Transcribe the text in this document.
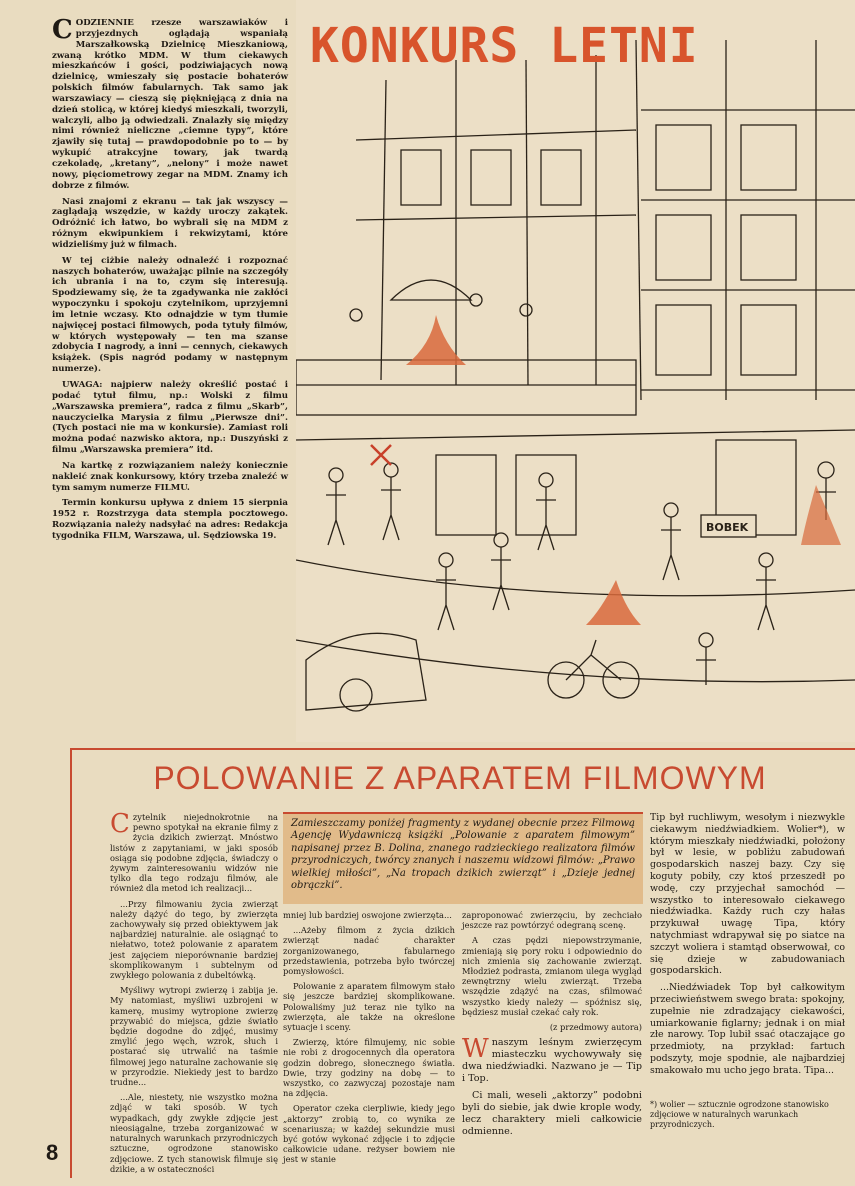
CODZIENNIE rzesze warszawiaków i przyjezdnych oglądają wspaniałą Marszałkowską Dzielnicę Mieszkaniową, zwaną krótko MDM. W tłum ciekawych mieszkańców i gości, podziwiających nową dzielnicę, wmieszały się postacie bohaterów polskich filmów fabularnych. Tak samo jak warszawiacy — cieszą się pięknięjącą z dnia na dzień stolicą, w której kiedyś mieszkali, tworzyli, walczyli, albo ją odwiedzali. Znalazły się między nimi również nieliczne „ciemne typy”, które zjawiły się tutaj — prawdopodobnie po to — by wykupić atrakcyjne towary, jak twardą czekoladę, „kretany”, „nelony” i może nawet nowy, pięciometrowy zegar na MDM. Znamy ich dobrze z filmów.

Nasi znajomi z ekranu — tak jak wszyscy — zaglądają wszędzie, w każdy uroczy zakątek. Odróżnić ich łatwo, bo wybrali się na MDM z różnym ekwipunkiem i rekwizytami, które widzieliśmy już w filmach.

W tej ciżbie należy odnaleźć i rozpoznać naszych bohaterów, uważając pilnie na szczegóły ich ubrania i na to, czym się interesują. Spodziewamy się, że ta zgadywanka nie zakłóci wypoczynku i spokoju czytelnikom, uprzyjemni im letnie wczasy. Kto odnajdzie w tym tłumie najwięcej postaci filmowych, poda tytuły filmów, w których występowały — ten ma szanse zdobycia I nagrody, a inni — cennych, ciekawych książek. (Spis nagród podamy w następnym numerze).

UWAGA: najpierw należy określić postać i podać tytuł filmu, np.: Wolski z filmu „Warszawska premiera”, radca z filmu „Skarb”, nauczycielka Marysia z filmu „Pierwsze dni”. (Tych postaci nie ma w konkursie). Zamiast roli można podać nazwisko aktora, np.: Duszyński z filmu „Warszawska premiera” itd.

Na kartkę z rozwiązaniem należy koniecznie nakleić znak konkursowy, który trzeba znaleźć w tym samym numerze FILMU.

Termin konkursu upływa z dniem 15 sierpnia 1952 r. Rozstrzyga data stempla pocztowego. Rozwiązania należy nadsyłać na adres: Redakcja tygodnika FILM, Warszawa, ul. Sędziowska 19.

BOBEK
KONKURS LETNI
POLOWANIE Z APARATEM FILMOWYM
Zamieszczamy poniżej fragmenty z wydanej obecnie przez Filmową Agencję Wydawniczą książki „Polowanie z aparatem filmowym” napisanej przez B. Dolina, znanego radzieckiego realizatora filmów przyrodniczych, twórcy znanych i naszemu widzowi filmów: „Prawo wielkiej miłości”, „Na tropach dzikich zwierząt” i „Dzieje jednej obrączki”.

Czytelnik niejednokrotnie na pewno spotykał na ekranie filmy z życia dzikich zwierząt. Mnóstwo listów z zapytaniami, w jaki sposób osiąga się podobne zdjęcia, świadczy o żywym zainteresowaniu widzów nie tylko dla tego rodzaju filmów, ale również dla metod ich realizacji...

...Przy filmowaniu życia zwierząt należy dążyć do tego, by zwierzęta zachowywały się przed obiektywem jak najbardziej naturalnie. ale osiągnąć to niełatwo, toteż polowanie z aparatem jest zajęciem nieporównanie bardziej skomplikowanym i subtelnym od zwykłego polowania z dubeltówką.

Myśliwy wytropi zwierzę i zabija je. My natomiast, myśliwi uzbrojeni w kamerę, musimy wytropione zwierzę przywabić do miejsca, gdzie światło będzie dogodne do zdjęć, musimy zmylić jego węch, wzrok, słuch i postarać się utrwalić na taśmie filmowej jego naturalne zachowanie się w przyrodzie. Niekiedy jest to bardzo trudne...

...Ale, niestety, nie wszystko można zdjąć w taki sposób. W tych wypadkach, gdy zwykłe zdjęcie jest nieosiągalne, trzeba zorganizować w naturalnych warunkach przyrodniczych sztuczne, ogrodzone stanowisko zdjęciowe. Z tych stanowisk filmuje się dzikie, a w ostateczności

mniej lub bardziej oswojone zwierzęta...

...Ażeby filmom z życia dzikich zwierząt nadać charakter zorganizowanego, fabularnego przedstawienia, potrzeba było twórczej pomysłowości.

Polowanie z aparatem filmowym stało się jeszcze bardziej skomplikowane. Polowaliśmy już teraz nie tylko na zwierzęta, ale także na określone sytuacje i sceny.

Zwierzę, które filmujemy, nic sobie nie robi z drogocennych dla operatora godzin dobrego, słonecznego światła. Dwie, trzy godziny na dobę — to wszystko, co zazwyczaj pozostaje nam na zdjęcia.

Operator czeka cierpliwie, kiedy jego „aktorzy” zrobią to, co wynika ze scenariusza; w każdej sekundzie musi być gotów wykonać zdjęcie i to zdjęcie całkowicie udane. reżyser bowiem nie jest w stanie

zaproponować zwierzęciu, by zechciało jeszcze raz powtórzyć odegraną scenę.

A czas pędzi niepowstrzymanie, zmieniają się pory roku i odpowiednio do nich zmienia się zachowanie zwierząt. Młodzież podrasta, zmianom ulega wygląd zewnętrzny wielu zwierząt. Trzeba wszędzie zdążyć na czas, sfilmować wszystko kiedy należy — spóźnisz się, będziesz musiał czekać cały rok.

(z przedmowy autora)

Wnaszym leśnym zwierzęcym miasteczku wychowywały się dwa niedźwiadki. Nazwano je — Tip i Top.

Ci mali, weseli „aktorzy” podobni byli do siebie, jak dwie krople wody, lecz charaktery mieli całkowicie odmienne.

Tip był ruchliwym, wesołym i niezwykle ciekawym niedźwiadkiem. Wolier*), w którym mieszkały niedźwiadki, położony był w lesie, w pobliżu zabudowań gospodarskich naszej bazy. Czy się koguty pobiły, czy ktoś przeszedł po wodę, czy przyjechał samochód — wszystko to interesowało ciekawego niedźwiadka. Każdy ruch czy hałas przykuwał uwagę Tipa, który natychmiast wdrapywał się po siatce na szczyt woliera i stamtąd obserwował, co się dzieje w zabudowaniach gospodarskich.

...Niedźwiadek Top był całkowitym przeciwieństwem swego brata: spokojny, zupełnie nie zdradzający ciekawości, umiarkowanie figlarny; jednak i on miał złe narowy. Top lubił ssać otaczające go przedmioty, na przykład: fartuch podszyty, moje spodnie, ale najbardziej smakowało mu ucho jego brata. Tipa...

*) wolier — sztucznie ogrodzone stanowisko zdjęciowe w naturalnych warunkach przyrodniczych.
8
